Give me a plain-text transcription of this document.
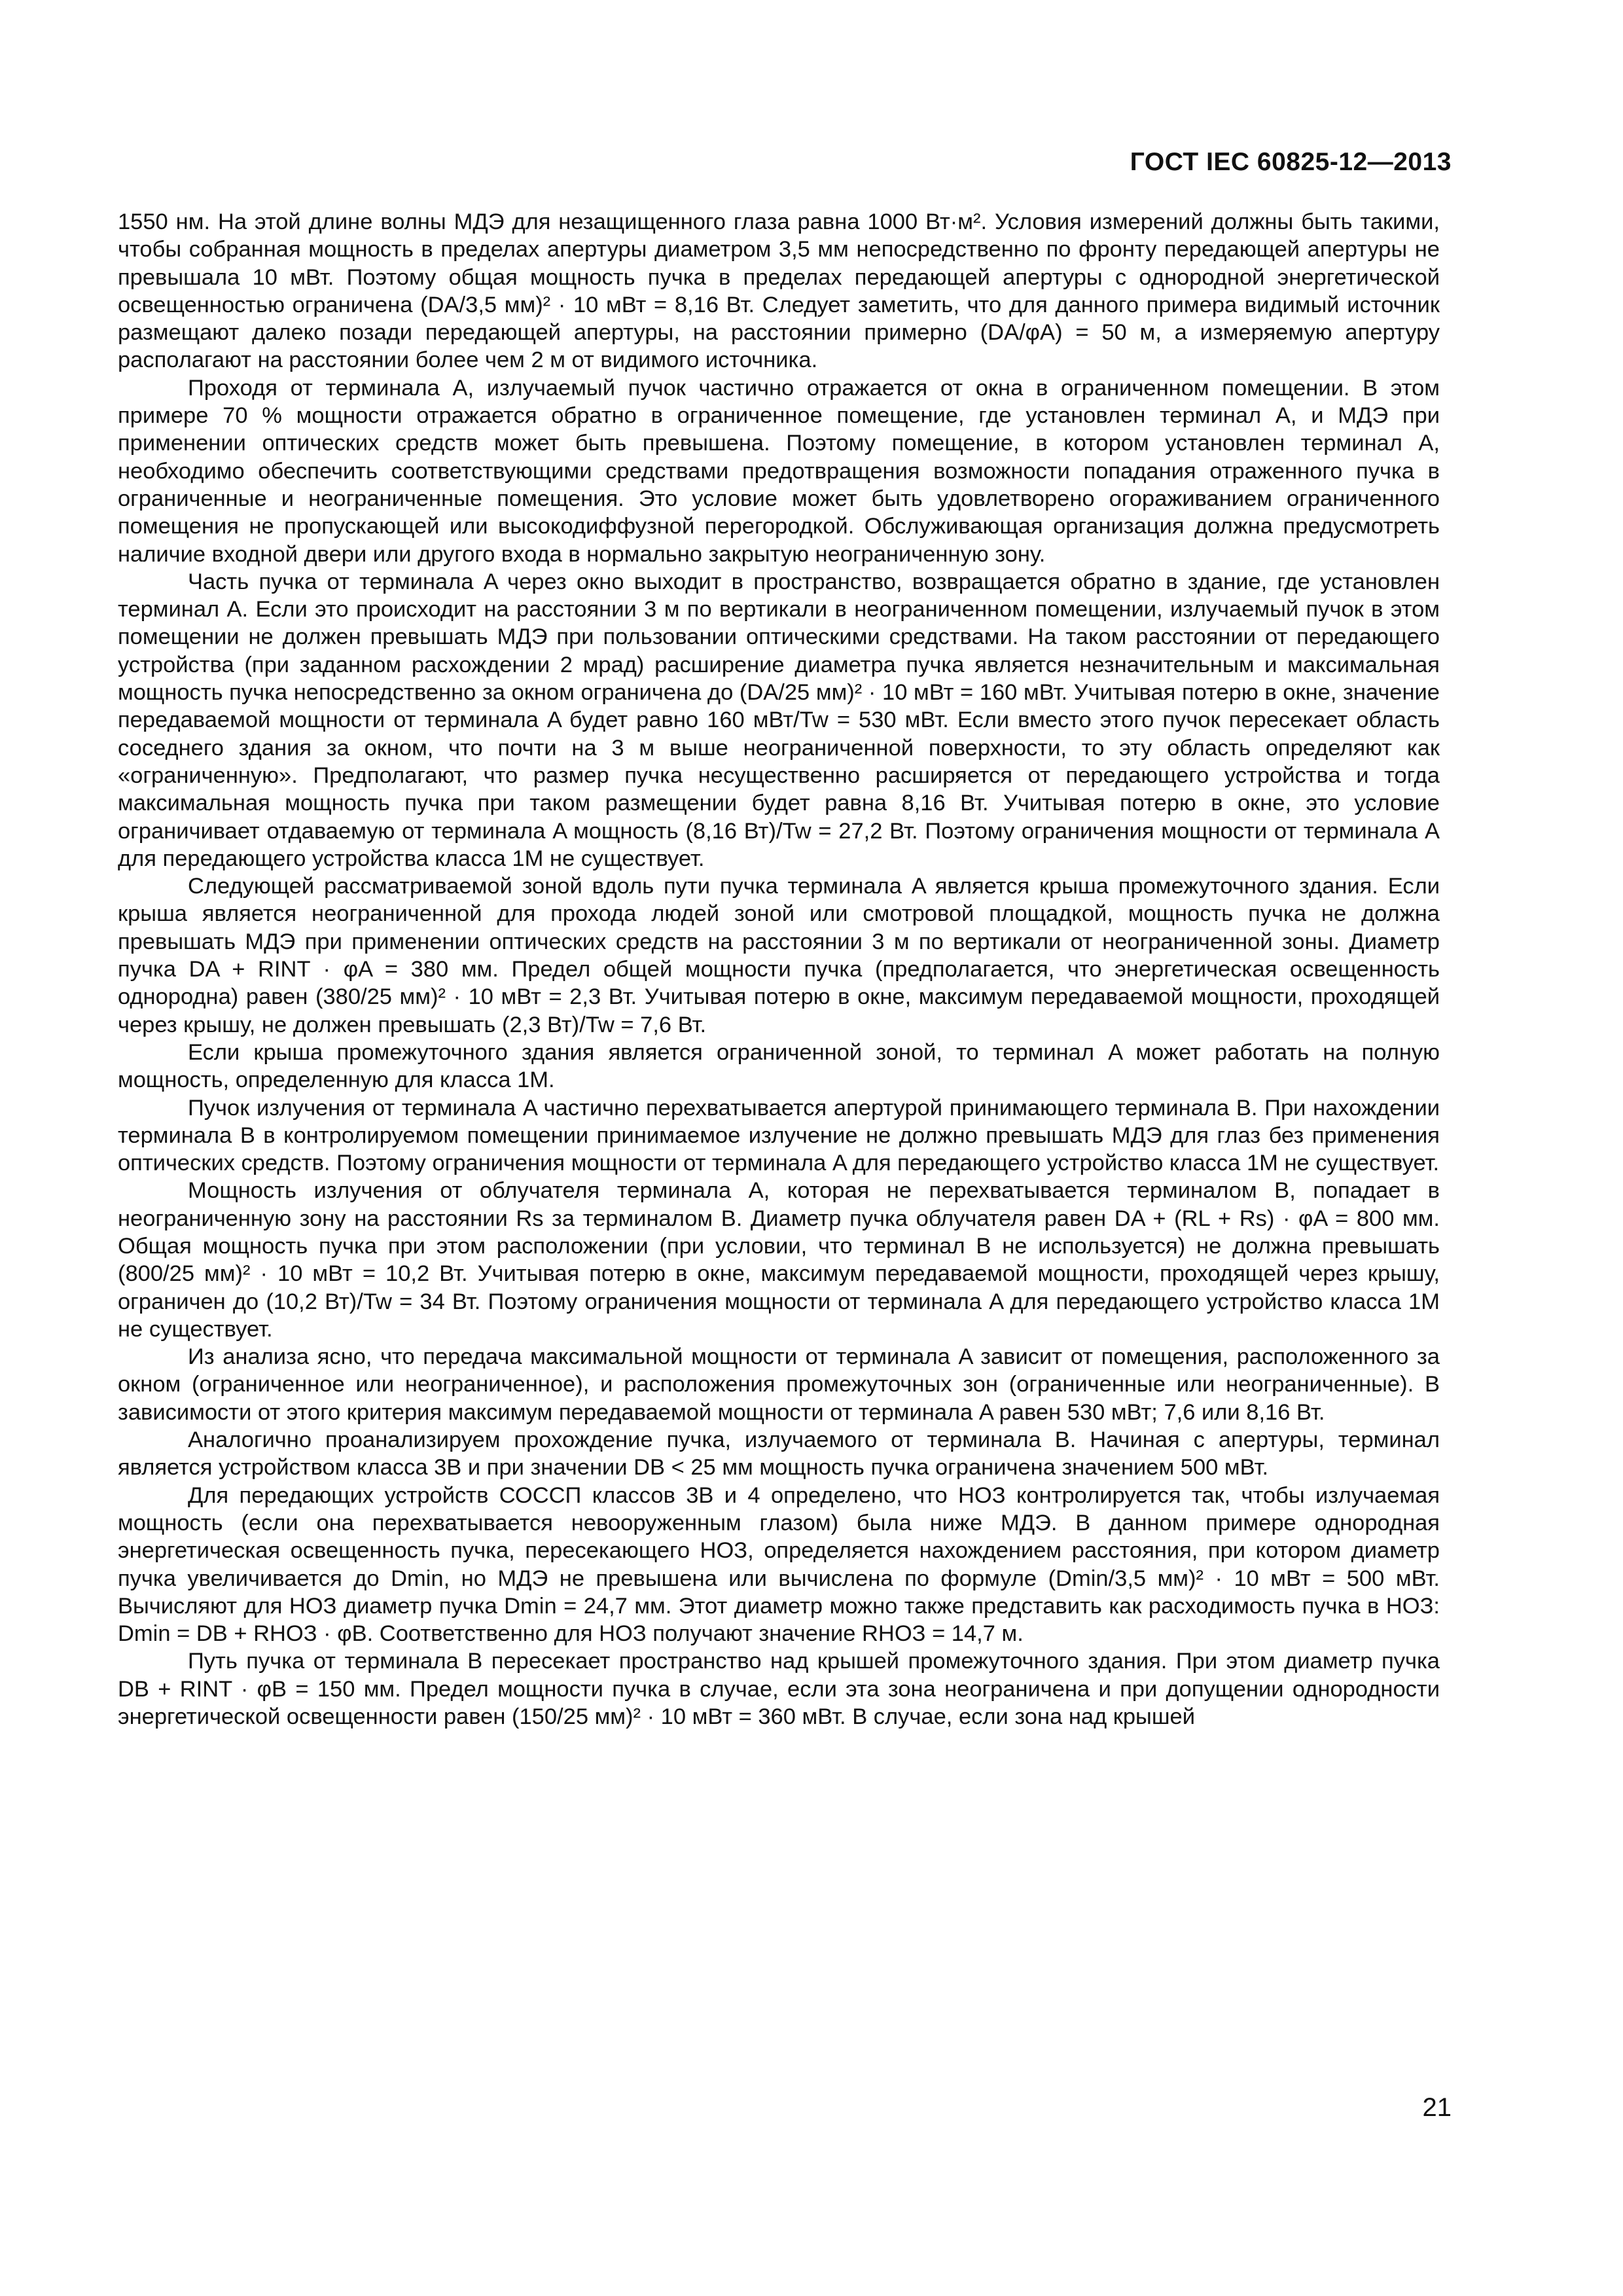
ГОСТ IEC 60825-12—2013

1550 нм. На этой длине волны МДЭ для незащищенного глаза равна 1000 Вт·м². Условия измерений должны быть такими, чтобы собранная мощность в пределах апертуры диаметром 3,5 мм непосредственно по фронту передающей апертуры не превышала 10 мВт. Поэтому общая мощность пучка в пределах передающей апертуры с однородной энергетической освещенностью ограничена (DA/3,5 мм)² · 10 мВт = 8,16 Вт. Следует заметить, что для данного примера видимый источник размещают далеко позади передающей апертуры, на расстоянии примерно (DA/φA) = 50 м, а измеряемую апертуру располагают на расстоянии более чем 2 м от видимого источника.

Проходя от терминала A, излучаемый пучок частично отражается от окна в ограниченном помещении. В этом примере 70 % мощности отражается обратно в ограниченное помещение, где установлен терминал A, и МДЭ при применении оптических средств может быть превышена. Поэтому помещение, в котором установлен терминал A, необходимо обеспечить соответствующими средствами предотвращения возможности попадания отраженного пучка в ограниченные и неограниченные помещения. Это условие может быть удовлетворено огораживанием ограниченного помещения не пропускающей или высокодиффузной перегородкой. Обслуживающая организация должна предусмотреть наличие входной двери или другого входа в нормально закрытую неограниченную зону.

Часть пучка от терминала A через окно выходит в пространство, возвращается обратно в здание, где установлен терминал A. Если это происходит на расстоянии 3 м по вертикали в неограниченном помещении, излучаемый пучок в этом помещении не должен превышать МДЭ при пользовании оптическими средствами. На таком расстоянии от передающего устройства (при заданном расхождении 2 мрад) расширение диаметра пучка является незначительным и максимальная мощность пучка непосредственно за окном ограничена до (DA/25 мм)² · 10 мВт = 160 мВт. Учитывая потерю в окне, значение передаваемой мощности от терминала A будет равно 160 мВт/Tw = 530 мВт. Если вместо этого пучок пересекает область соседнего здания за окном, что почти на 3 м выше неограниченной поверхности, то эту область определяют как «ограниченную». Предполагают, что размер пучка несущественно расширяется от передающего устройства и тогда максимальная мощность пучка при таком размещении будет равна 8,16 Вт. Учитывая потерю в окне, это условие ограничивает отдаваемую от терминала A мощность (8,16 Вт)/Tw = 27,2 Вт. Поэтому ограничения мощности от терминала A для передающего устройства класса 1М не существует.

Следующей рассматриваемой зоной вдоль пути пучка терминала A является крыша промежуточного здания. Если крыша является неограниченной для прохода людей зоной или смотровой площадкой, мощность пучка не должна превышать МДЭ при применении оптических средств на расстоянии 3 м по вертикали от неограниченной зоны. Диаметр пучка DA + RINT · φA = 380 мм. Предел общей мощности пучка (предполагается, что энергетическая освещенность однородна) равен (380/25 мм)² · 10 мВт = 2,3 Вт. Учитывая потерю в окне, максимум передаваемой мощности, проходящей через крышу, не должен превышать (2,3 Вт)/Tw = 7,6 Вт.

Если крыша промежуточного здания является ограниченной зоной, то терминал A может работать на полную мощность, определенную для класса 1М.

Пучок излучения от терминала A частично перехватывается апертурой принимающего терминала B. При нахождении терминала B в контролируемом помещении принимаемое излучение не должно превышать МДЭ для глаз без применения оптических средств. Поэтому ограничения мощности от терминала A для передающего устройство класса 1М не существует.

Мощность излучения от облучателя терминала A, которая не перехватывается терминалом B, попадает в неограниченную зону на расстоянии Rs за терминалом B. Диаметр пучка облучателя равен DA + (RL + Rs) · φA = 800 мм. Общая мощность пучка при этом расположении (при условии, что терминал B не используется) не должна превышать (800/25 мм)² · 10 мВт = 10,2 Вт. Учитывая потерю в окне, максимум передаваемой мощности, проходящей через крышу, ограничен до (10,2 Вт)/Tw = 34 Вт. Поэтому ограничения мощности от терминала A для передающего устройство класса 1М не существует.

Из анализа ясно, что передача максимальной мощности от терминала A зависит от помещения, расположенного за окном (ограниченное или неограниченное), и расположения промежуточных зон (ограниченные или неограниченные). В зависимости от этого критерия максимум передаваемой мощности от терминала A равен 530 мВт; 7,6 или 8,16 Вт.

Аналогично проанализируем прохождение пучка, излучаемого от терминала B. Начиная с апертуры, терминал является устройством класса 3B и при значении DB < 25 мм мощность пучка ограничена значением 500 мВт.

Для передающих устройств СОССП классов 3B и 4 определено, что НОЗ контролируется так, чтобы излучаемая мощность (если она перехватывается невооруженным глазом) была ниже МДЭ. В данном примере однородная энергетическая освещенность пучка, пересекающего НОЗ, определяется нахождением расстояния, при котором диаметр пучка увеличивается до Dmin, но МДЭ не превышена или вычислена по формуле (Dmin/3,5 мм)² · 10 мВт = 500 мВт. Вычисляют для НОЗ диаметр пучка Dmin = 24,7 мм. Этот диаметр можно также представить как расходимость пучка в НОЗ: Dmin = DB + RНОЗ · φB. Соответственно для НОЗ получают значение RНОЗ = 14,7 м.

Путь пучка от терминала B пересекает пространство над крышей промежуточного здания. При этом диаметр пучка DB + RINT · φB = 150 мм. Предел мощности пучка в случае, если эта зона неограничена и при допущении однородности энергетической освещенности равен (150/25 мм)² · 10 мВт = 360 мВт. В случае, если зона над крышей

21
